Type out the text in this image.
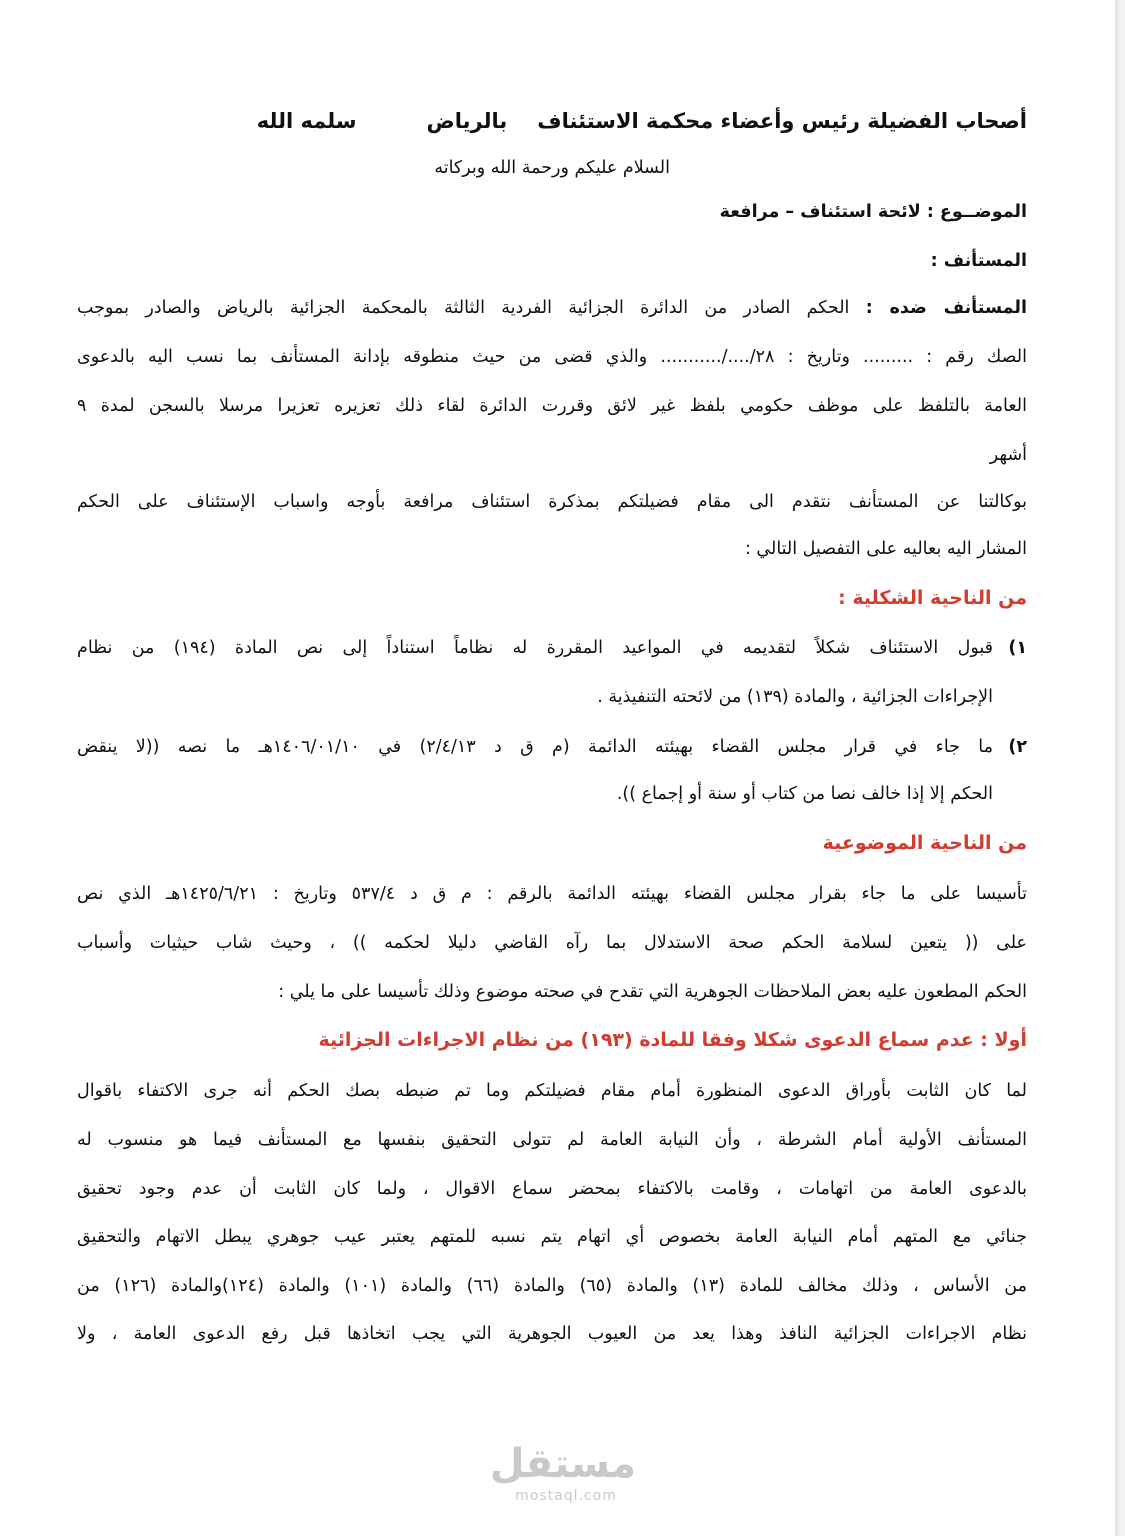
أصحاب الفضيلة رئيس وأعضاء محكمة الاستئنافبالرياضسلمه الله
السلام عليكم ورحمة الله وبركاته
الموضــوع : لائحة استئناف – مرافعة
المستأنف :
المستأنف ضده : الحكم الصادر من الدائرة الجزائية الفردية الثالثة بالمحكمة الجزائية بالرياض والصادر بموجب
الصك رقم : ......... وتاريخ : ٢٨/..../........... والذي قضى من حيث منطوقه بإدانة المستأنف بما نسب اليه بالدعوى
العامة بالتلفظ على موظف حكومي بلفظ غير لائق وقررت الدائرة لقاء ذلك تعزيره تعزيرا مرسلا بالسجن لمدة ٩
أشهر
بوكالتنا عن المستأنف نتقدم الى مقام فضيلتكم بمذكرة استئناف مرافعة بأوجه واسباب الإستئناف على الحكم
المشار اليه بعاليه على التفصيل التالي :
من الناحية الشكلية :
١)قبول الاستئناف شكلاً لتقديمه في المواعيد المقررة له نظاماً استناداً إلى نص المادة (١٩٤) من نظام
الإجراءات الجزائية ، والمادة (١٣٩) من لائحته التنفيذية .
٢)ما جاء في قرار مجلس القضاء بهيئته الدائمة (م ق د ٢/٤/١٣) في ١٤٠٦/٠١/١٠هـ ما نصه ((لا ينقض
الحكم إلا إذا خالف نصا من كتاب أو سنة أو إجماع )).
من الناحية الموضوعية
تأسيسا على ما جاء بقرار مجلس القضاء بهيئته الدائمة بالرقم : م ق د ٥٣٧/٤ وتاريخ : ١٤٢٥/٦/٢١هـ الذي نص
على (( يتعين لسلامة الحكم صحة الاستدلال بما رآه القاضي دليلا لحكمه )) ، وحيث شاب حيثيات وأسباب
الحكم المطعون عليه بعض الملاحظات الجوهرية التي تقدح في صحته موضوع وذلك تأسيسا على ما يلي :
أولا : عدم سماع الدعوى شكلا وفقا للمادة (١٩٣) من نظام الاجراءات الجزائية
لما كان الثابت بأوراق الدعوى المنظورة أمام مقام فضيلتكم وما تم ضبطه بصك الحكم أنه جرى الاكتفاء باقوال
المستأنف الأولية أمام الشرطة ، وأن النيابة العامة لم تتولى التحقيق بنفسها مع المستأنف فيما هو منسوب له
بالدعوى العامة من اتهامات ، وقامت بالاكتفاء بمحضر سماع الاقوال ، ولما كان الثابت أن عدم وجود تحقيق
جنائي مع المتهم أمام النيابة العامة بخصوص أي اتهام يتم نسبه للمتهم يعتبر عيب جوهري يبطل الاتهام والتحقيق
من الأساس ، وذلك مخالف للمادة (١٣) والمادة (٦٥) والمادة (٦٦) والمادة (١٠١) والمادة (١٢٤)والمادة (١٢٦) من
نظام الاجراءات الجزائية النافذ وهذا يعد من العيوب الجوهرية التي يجب اتخاذها قبل رفع الدعوى العامة ، ولا
مستقل
mostaql.com
